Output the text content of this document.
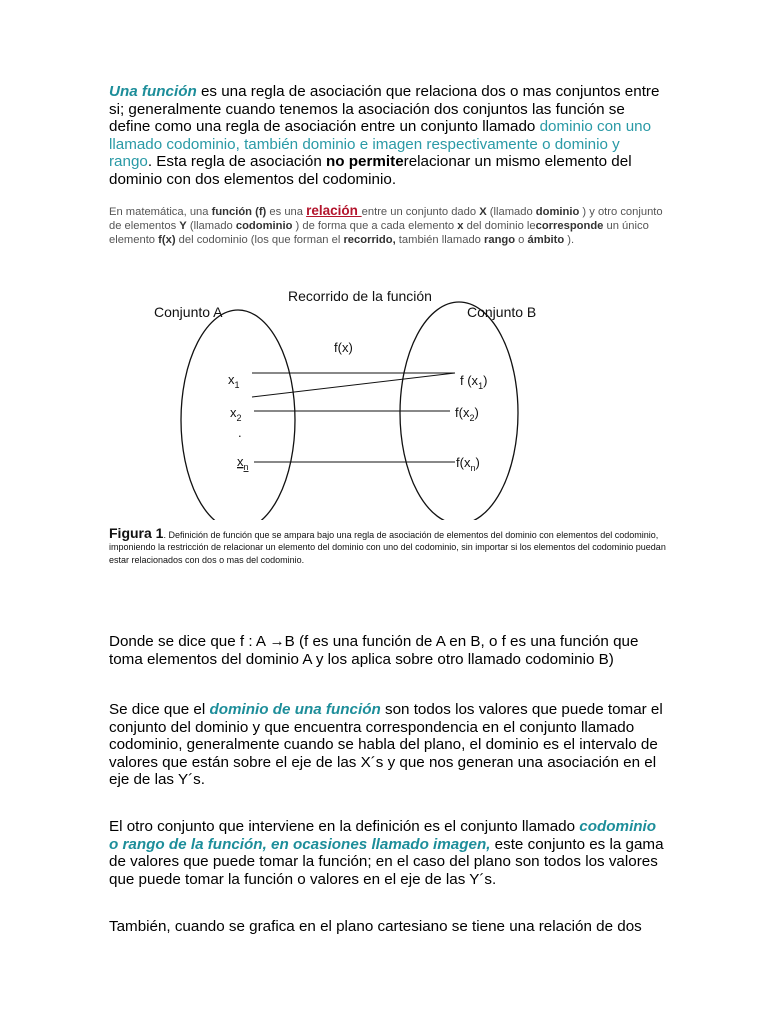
Una función es una regla de asociación que relaciona dos o mas conjuntos entre si; generalmente cuando tenemos la asociación dos conjuntos las función se define como una regla de asociación entre un conjunto llamado dominio con uno llamado codominio, también dominio e imagen respectivamente o dominio y rango. Esta regla de asociación no permiterelacionar un mismo elemento del dominio con dos elementos del codominio.

En matemática, una función (f) es una relación entre un conjunto dado X (llamado dominio ) y otro conjunto de elementos Y (llamado codominio ) de forma que a cada elemento x del dominio lecorresponde un único elemento f(x) del codominio (los que forman el recorrido, también llamado rango o ámbito ).
Recorrido de la función
Conjunto A	Conjunto B
f(x)
$x_1$
$x_2$
.
$x_n$
f $(x_1)$
$f(x_2)$
$f(x_n)$
Figura 1. Definición de función que se ampara bajo una regla de asociación de elementos del dominio con elementos del codominio, imponiendo la restricción de relacionar un elemento del dominio con uno del codominio, sin importar si los elementos del codominio puedan estar relacionados con dos o mas del codominio.

Donde se dice que f : A →B (f es una función de A en B, o f es una función que toma elementos del dominio A y los aplica sobre otro llamado codominio B)

Se dice que el dominio de una función son todos los valores que puede tomar el conjunto del dominio y que encuentra correspondencia en el conjunto llamado codominio, generalmente cuando se habla del plano, el dominio es el intervalo de valores que están sobre el eje de las X´s y que nos generan una asociación en el eje de las Y´s.

El otro conjunto que interviene en la definición es el conjunto llamado codominio o rango de la función, en ocasiones llamado imagen, este conjunto es la gama de valores que puede tomar la función; en el caso del plano son todos los valores que puede tomar la función o valores en el eje de las Y´s.

También, cuando se grafica en el plano cartesiano se tiene una relación de dos
